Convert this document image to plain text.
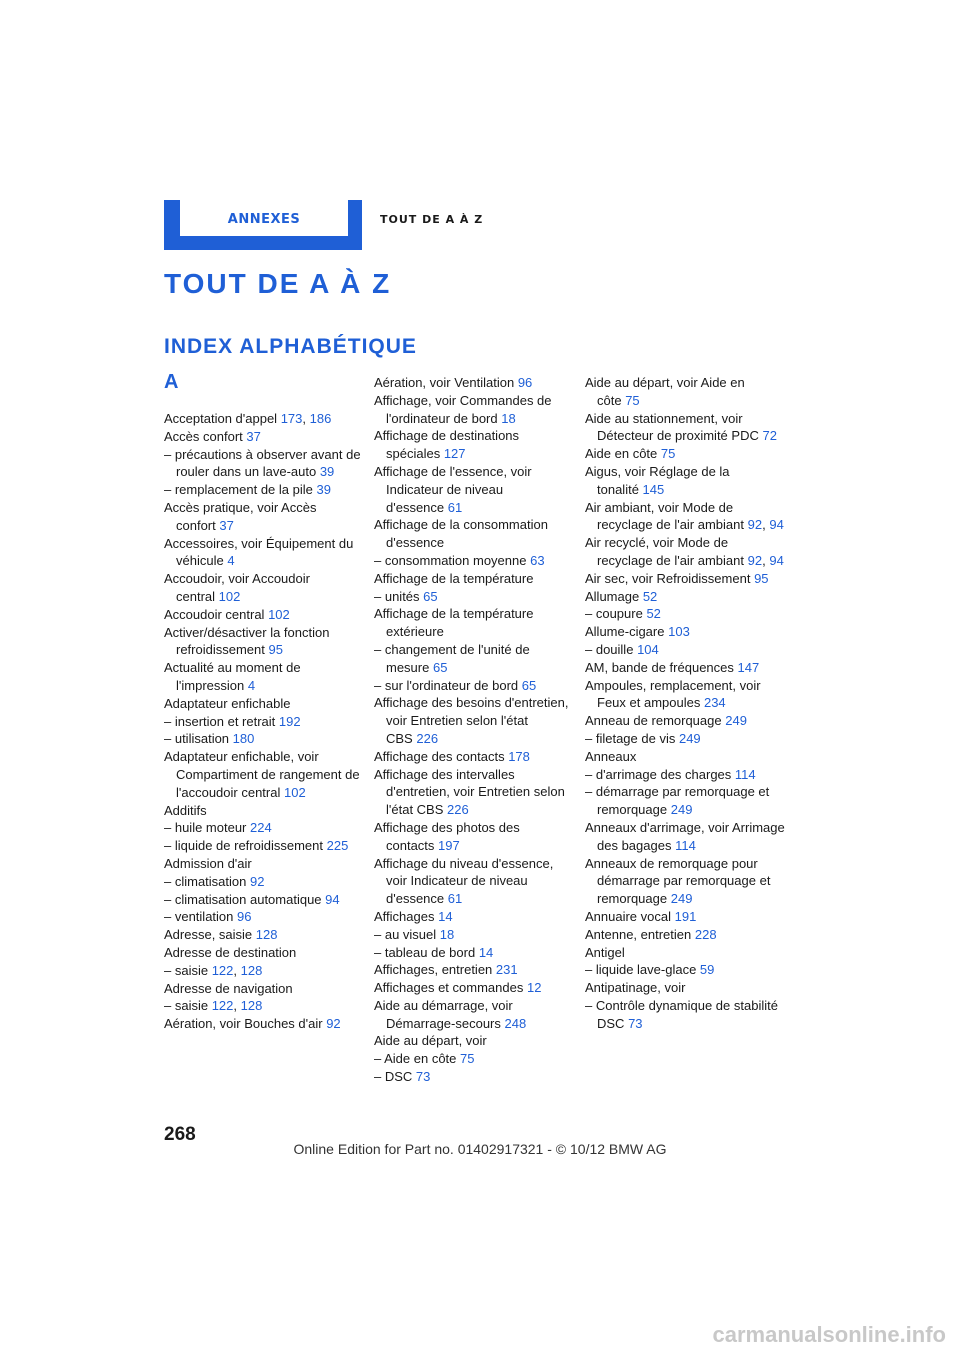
ANNEXES	TOUT DE A À Z
TOUT DE A À Z
INDEX ALPHABÉTIQUE
A
Acceptation d'appel 173, 186
Accès confort 37
– précautions à observer avant de rouler dans un lave-auto 39
– remplacement de la pile 39
Accès pratique, voir Accès confort 37
Accessoires, voir Équipement du véhicule 4
Accoudoir, voir Accoudoir central 102
Accoudoir central 102
Activer/désactiver la fonction refroidissement 95
Actualité au moment de l'impression 4
Adaptateur enfichable
– insertion et retrait 192
– utilisation 180
Adaptateur enfichable, voir Compartiment de rangement de l'accoudoir central 102
Additifs
– huile moteur 224
– liquide de refroidissement 225
Admission d'air
– climatisation 92
– climatisation automatique 94
– ventilation 96
Adresse, saisie 128
Adresse de destination
– saisie 122, 128
Adresse de navigation
– saisie 122, 128
Aération, voir Bouches d'air 92
Aération, voir Ventilation 96
Affichage, voir Commandes de l'ordinateur de bord 18
Affichage de destinations spéciales 127
Affichage de l'essence, voir Indicateur de niveau d'essence 61
Affichage de la consommation d'essence
– consommation moyenne 63
Affichage de la température
– unités 65
Affichage de la température extérieure
– changement de l'unité de mesure 65
– sur l'ordinateur de bord 65
Affichage des besoins d'entretien, voir Entretien selon l'état CBS 226
Affichage des contacts 178
Affichage des intervalles d'entretien, voir Entretien selon l'état CBS 226
Affichage des photos des contacts 197
Affichage du niveau d'essence, voir Indicateur de niveau d'essence 61
Affichages 14
– au visuel 18
– tableau de bord 14
Affichages, entretien 231
Affichages et commandes 12
Aide au démarrage, voir Démarrage-secours 248
Aide au départ, voir
– Aide en côte 75
– DSC 73
Aide au départ, voir Aide en côte 75
Aide au stationnement, voir Détecteur de proximité PDC 72
Aide en côte 75
Aigus, voir Réglage de la tonalité 145
Air ambiant, voir Mode de recyclage de l'air ambiant 92, 94
Air recyclé, voir Mode de recyclage de l'air ambiant 92, 94
Air sec, voir Refroidissement 95
Allumage 52
– coupure 52
Allume-cigare 103
– douille 104
AM, bande de fréquences 147
Ampoules, remplacement, voir Feux et ampoules 234
Anneau de remorquage 249
– filetage de vis 249
Anneaux
– d'arrimage des charges 114
– démarrage par remorquage et remorquage 249
Anneaux d'arrimage, voir Arrimage des bagages 114
Anneaux de remorquage pour démarrage par remorquage et remorquage 249
Annuaire vocal 191
Antenne, entretien 228
Antigel
– liquide lave-glace 59
Antipatinage, voir
– Contrôle dynamique de stabilité DSC 73
268
Online Edition for Part no. 01402917321 - © 10/12 BMW AG
carmanualsonline.info
